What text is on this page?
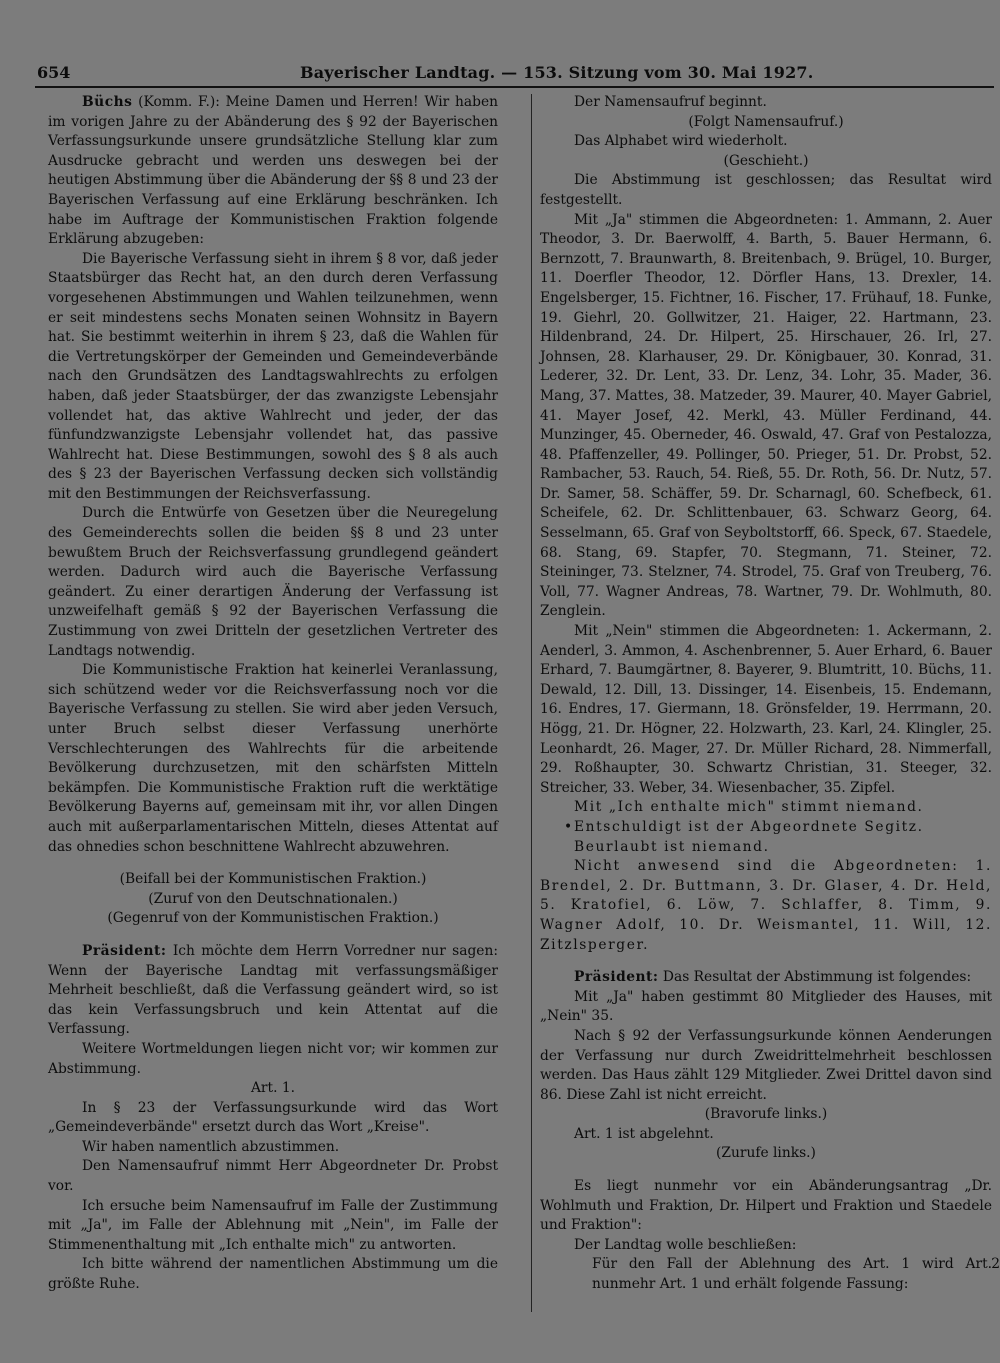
654	Bayerischer Landtag. — 153. Sitzung vom 30. Mai 1927.

Büchs (Komm. F.): Meine Damen und Herren! Wir haben im vorigen Jahre zu der Abänderung des § 92 der Bayerischen Verfassungsurkunde unsere grundsätzliche Stellung klar zum Ausdrucke gebracht und werden uns deswegen bei der heutigen Abstimmung über die Abänderung der §§ 8 und 23 der Bayerischen Verfassung auf eine Erklärung beschränken. Ich habe im Auftrage der Kommunistischen Fraktion folgende Erklärung abzugeben:

Die Bayerische Verfassung sieht in ihrem § 8 vor, daß jeder Staatsbürger das Recht hat, an den durch deren Verfassung vorgesehenen Abstimmungen und Wahlen teilzunehmen, wenn er seit mindestens sechs Monaten seinen Wohnsitz in Bayern hat. Sie bestimmt weiterhin in ihrem § 23, daß die Wahlen für die Vertretungskörper der Gemeinden und Gemeindeverbände nach den Grundsätzen des Landtagswahlrechts zu erfolgen haben, daß jeder Staatsbürger, der das zwanzigste Lebensjahr vollendet hat, das aktive Wahlrecht und jeder, der das fünfundzwanzigste Lebensjahr vollendet hat, das passive Wahlrecht hat. Diese Bestimmungen, sowohl des § 8 als auch des § 23 der Bayerischen Verfassung decken sich vollständig mit den Bestimmungen der Reichsverfassung.

Durch die Entwürfe von Gesetzen über die Neuregelung des Gemeinderechts sollen die beiden §§ 8 und 23 unter bewußtem Bruch der Reichsverfassung grundlegend geändert werden. Dadurch wird auch die Bayerische Verfassung geändert. Zu einer derartigen Änderung der Verfassung ist unzweifelhaft gemäß § 92 der Bayerischen Verfassung die Zustimmung von zwei Dritteln der gesetzlichen Vertreter des Landtags notwendig.

Die Kommunistische Fraktion hat keinerlei Veranlassung, sich schützend weder vor die Reichsverfassung noch vor die Bayerische Verfassung zu stellen. Sie wird aber jeden Versuch, unter Bruch selbst dieser Verfassung unerhörte Verschlechterungen des Wahlrechts für die arbeitende Bevölkerung durchzusetzen, mit den schärfsten Mitteln bekämpfen. Die Kommunistische Fraktion ruft die werktätige Bevölkerung Bayerns auf, gemeinsam mit ihr, vor allen Dingen auch mit außerparlamentarischen Mitteln, dieses Attentat auf das ohnedies schon beschnittene Wahlrecht abzuwehren.

(Beifall bei der Kommunistischen Fraktion.)

(Zuruf von den Deutschnationalen.)

(Gegenruf von der Kommunistischen Fraktion.)

Präsident: Ich möchte dem Herrn Vorredner nur sagen: Wenn der Bayerische Landtag mit verfassungsmäßiger Mehrheit beschließt, daß die Verfassung geändert wird, so ist das kein Verfassungsbruch und kein Attentat auf die Verfassung.

Weitere Wortmeldungen liegen nicht vor; wir kommen zur Abstimmung.

Art. 1.

In § 23 der Verfassungsurkunde wird das Wort „Gemeindeverbände" ersetzt durch das Wort „Kreise".

Wir haben namentlich abzustimmen.

Den Namensaufruf nimmt Herr Abgeordneter Dr. Probst vor.

Ich ersuche beim Namensaufruf im Falle der Zustimmung mit „Ja", im Falle der Ablehnung mit „Nein", im Falle der Stimmenenthaltung mit „Ich enthalte mich" zu antworten.

Ich bitte während der namentlichen Abstimmung um die größte Ruhe.

Der Namensaufruf beginnt.

(Folgt Namensaufruf.)

Das Alphabet wird wiederholt.

(Geschieht.)

Die Abstimmung ist geschlossen; das Resultat wird festgestellt.

Mit „Ja" stimmen die Abgeordneten: 1. Ammann, 2. Auer Theodor, 3. Dr. Baerwolff, 4. Barth, 5. Bauer Hermann, 6. Bernzott, 7. Braunwarth, 8. Breitenbach, 9. Brügel, 10. Burger, 11. Doerfler Theodor, 12. Dörfler Hans, 13. Drexler, 14. Engelsberger, 15. Fichtner, 16. Fischer, 17. Frühauf, 18. Funke, 19. Giehrl, 20. Gollwitzer, 21. Haiger, 22. Hartmann, 23. Hildenbrand, 24. Dr. Hilpert, 25. Hirschauer, 26. Irl, 27. Johnsen, 28. Klarhauser, 29. Dr. Königbauer, 30. Konrad, 31. Lederer, 32. Dr. Lent, 33. Dr. Lenz, 34. Lohr, 35. Mader, 36. Mang, 37. Mattes, 38. Matzeder, 39. Maurer, 40. Mayer Gabriel, 41. Mayer Josef, 42. Merkl, 43. Müller Ferdinand, 44. Munzinger, 45. Oberneder, 46. Oswald, 47. Graf von Pestalozza, 48. Pfaffenzeller, 49. Pollinger, 50. Prieger, 51. Dr. Probst, 52. Rambacher, 53. Rauch, 54. Rieß, 55. Dr. Roth, 56. Dr. Nutz, 57. Dr. Samer, 58. Schäffer, 59. Dr. Scharnagl, 60. Schefbeck, 61. Scheifele, 62. Dr. Schlittenbauer, 63. Schwarz Georg, 64. Sesselmann, 65. Graf von Seyboltstorff, 66. Speck, 67. Staedele, 68. Stang, 69. Stapfer, 70. Stegmann, 71. Steiner, 72. Steininger, 73. Stelzner, 74. Strodel, 75. Graf von Treuberg, 76. Voll, 77. Wagner Andreas, 78. Wartner, 79. Dr. Wohlmuth, 80. Zenglein.

Mit „Nein" stimmen die Abgeordneten: 1. Ackermann, 2. Aenderl, 3. Ammon, 4. Aschenbrenner, 5. Auer Erhard, 6. Bauer Erhard, 7. Baumgärtner, 8. Bayerer, 9. Blumtritt, 10. Büchs, 11. Dewald, 12. Dill, 13. Dissinger, 14. Eisenbeis, 15. Endemann, 16. Endres, 17. Giermann, 18. Grönsfelder, 19. Herrmann, 20. Högg, 21. Dr. Högner, 22. Holzwarth, 23. Karl, 24. Klingler, 25. Leonhardt, 26. Mager, 27. Dr. Müller Richard, 28. Nimmerfall, 29. Roßhaupter, 30. Schwartz Christian, 31. Steeger, 32. Streicher, 33. Weber, 34. Wiesenbacher, 35. Zipfel.

Mit „Ich enthalte mich" stimmt niemand.

• Entschuldigt ist der Abgeordnete Segitz.

Beurlaubt ist niemand.

Nicht anwesend sind die Abgeordneten: 1. Brendel, 2. Dr. Buttmann, 3. Dr. Glaser, 4. Dr. Held, 5. Kratofiel, 6. Löw, 7. Schlaffer, 8. Timm, 9. Wagner Adolf, 10. Dr. Weismantel, 11. Will, 12. Zitzlsperger.

Präsident: Das Resultat der Abstimmung ist folgendes:

Mit „Ja" haben gestimmt 80 Mitglieder des Hauses, mit „Nein" 35.

Nach § 92 der Verfassungsurkunde können Aenderungen der Verfassung nur durch Zweidrittelmehrheit beschlossen werden. Das Haus zählt 129 Mitglieder. Zwei Drittel davon sind 86. Diese Zahl ist nicht erreicht.

(Bravorufe links.)

Art. 1 ist abgelehnt.

(Zurufe links.)

Es liegt nunmehr vor ein Abänderungsantrag „Dr. Wohlmuth und Fraktion, Dr. Hilpert und Fraktion und Staedele und Fraktion":

Der Landtag wolle beschließen:

Für den Fall der Ablehnung des Art. 1 wird Art. nunmehr Art. 1 und erhält folgende Fassung:
2
